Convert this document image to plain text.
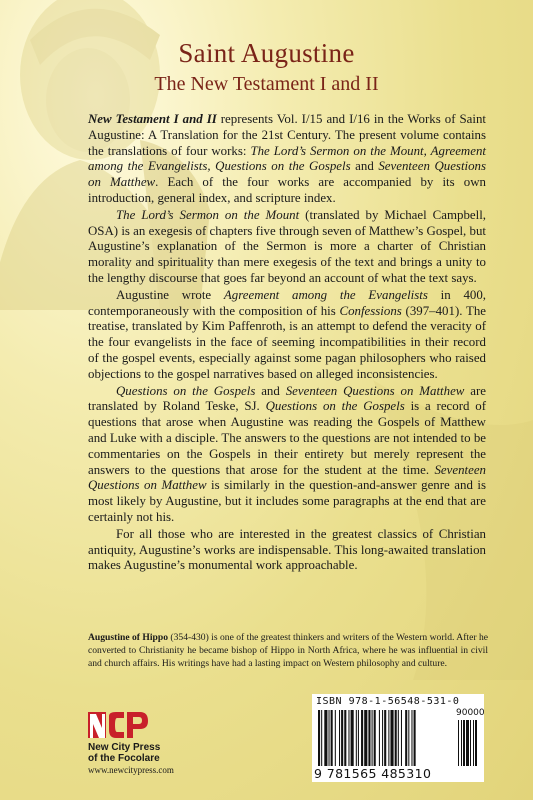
Saint Augustine
The New Testament I and II

New Testament I and II represents Vol. I/15 and I/16 in the Works of Saint Augustine: A Translation for the 21st Century. The present volume contains the translations of four works: The Lord’s Sermon on the Mount, Agreement among the Evangelists, Questions on the Gospels and Seventeen Questions on Matthew. Each of the four works are accompanied by its own introduction, general index, and scripture index.

The Lord’s Sermon on the Mount (translated by Michael Campbell, OSA) is an exegesis of chapters five through seven of Matthew’s Gospel, but Augustine’s explanation of the Sermon is more a charter of Christian morality and spirituality than mere exegesis of the text and brings a unity to the lengthy discourse that goes far beyond an account of what the text says.

Augustine wrote Agreement among the Evangelists in 400, contemporaneously with the composition of his Confessions (397–401). The treatise, translated by Kim Paffenroth, is an attempt to defend the veracity of the four evangelists in the face of seeming incompatibilities in their record of the gospel events, especially against some pagan philosophers who raised objections to the gospel narratives based on alleged inconsistencies.

Questions on the Gospels and Seventeen Questions on Matthew are translated by Roland Teske, SJ. Questions on the Gospels is a record of questions that arose when Augustine was reading the Gospels of Matthew and Luke with a disciple. The answers to the questions are not intended to be commentaries on the Gospels in their entirety but merely represent the answers to the questions that arose for the student at the time. Seventeen Questions on Matthew is similarly in the question-and-answer genre and is most likely by Augustine, but it includes some paragraphs at the end that are certainly not his.

For all those who are interested in the greatest classics of Christian antiquity, Augustine’s works are indispensable. This long-awaited translation makes Augustine’s monumental work approachable.

Augustine of Hippo (354-430) is one of the greatest thinkers and writers of the Western world. After he converted to Christianity he became bishop of Hippo in North Africa, where he was influential in civil and church affairs. His writings have had a lasting impact on Western philosophy and culture.
New City Press
of the Focolare
www.newcitypress.com
ISBN 978-1-56548-531-0
90000
9 781565 485310
